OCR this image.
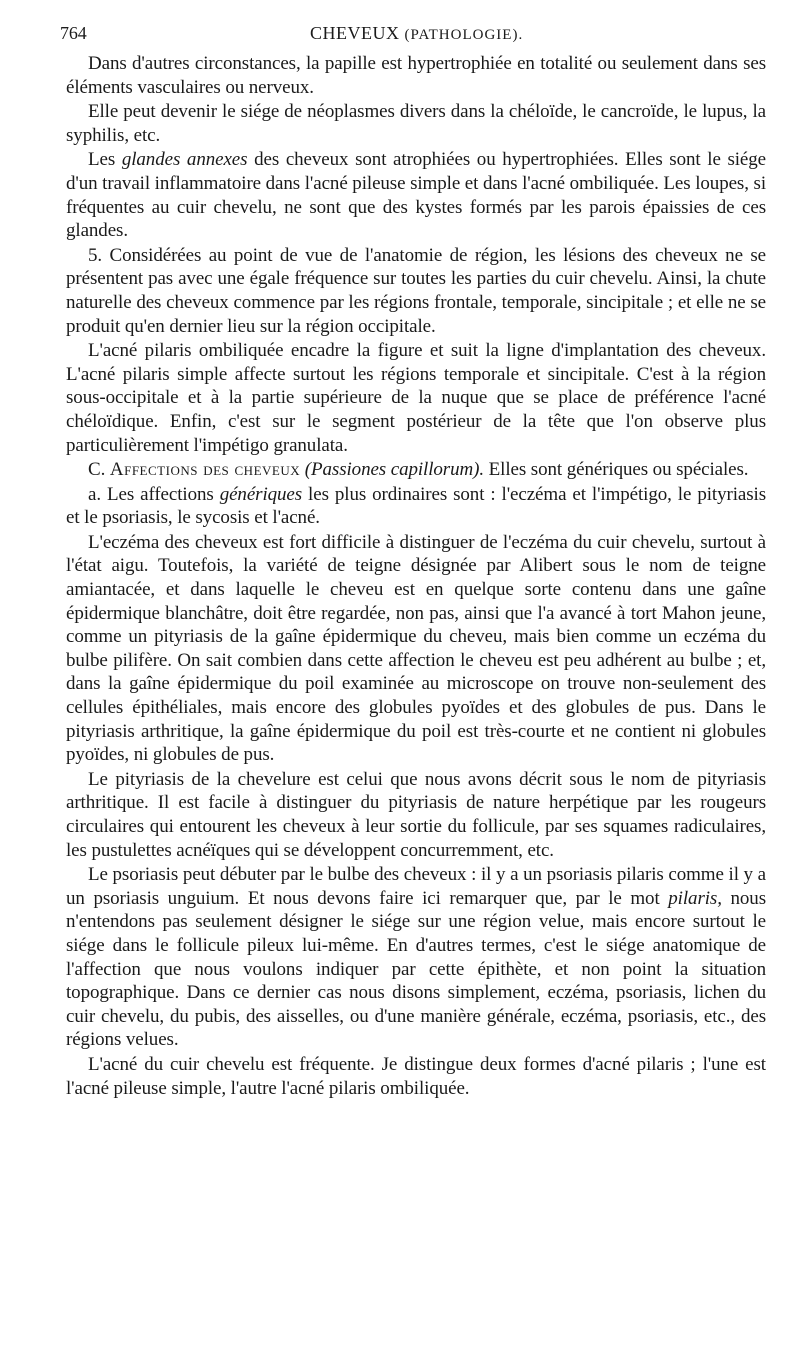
764	CHEVEUX (PATHOLOGIE).

Dans d'autres circonstances, la papille est hypertrophiée en totalité ou seulement dans ses éléments vasculaires ou nerveux.

Elle peut devenir le siége de néoplasmes divers dans la chéloïde, le cancroïde, le lupus, la syphilis, etc.

Les glandes annexes des cheveux sont atrophiées ou hypertrophiées. Elles sont le siége d'un travail inflammatoire dans l'acné pileuse simple et dans l'acné ombiliquée. Les loupes, si fréquentes au cuir chevelu, ne sont que des kystes formés par les parois épaissies de ces glandes.

5. Considérées au point de vue de l'anatomie de région, les lésions des cheveux ne se présentent pas avec une égale fréquence sur toutes les parties du cuir chevelu. Ainsi, la chute naturelle des cheveux commence par les régions frontale, temporale, sincipitale ; et elle ne se produit qu'en dernier lieu sur la région occipitale.

L'acné pilaris ombiliquée encadre la figure et suit la ligne d'implantation des cheveux. L'acné pilaris simple affecte surtout les régions temporale et sincipitale. C'est à la région sous-occipitale et à la partie supérieure de la nuque que se place de préférence l'acné chéloïdique. Enfin, c'est sur le segment postérieur de la tête que l'on observe plus particulièrement l'impétigo granulata.

C. Affections des cheveux (Passiones capillorum). Elles sont génériques ou spéciales.

a. Les affections génériques les plus ordinaires sont : l'eczéma et l'impétigo, le pityriasis et le psoriasis, le sycosis et l'acné.

L'eczéma des cheveux est fort difficile à distinguer de l'eczéma du cuir chevelu, surtout à l'état aigu. Toutefois, la variété de teigne désignée par Alibert sous le nom de teigne amiantacée, et dans laquelle le cheveu est en quelque sorte contenu dans une gaîne épidermique blanchâtre, doit être regardée, non pas, ainsi que l'a avancé à tort Mahon jeune, comme un pityriasis de la gaîne épidermique du cheveu, mais bien comme un eczéma du bulbe pilifère. On sait combien dans cette affection le cheveu est peu adhérent au bulbe ; et, dans la gaîne épidermique du poil examinée au microscope on trouve non-seulement des cellules épithéliales, mais encore des globules pyoïdes et des globules de pus. Dans le pityriasis arthritique, la gaîne épidermique du poil est très-courte et ne contient ni globules pyoïdes, ni globules de pus.

Le pityriasis de la chevelure est celui que nous avons décrit sous le nom de pityriasis arthritique. Il est facile à distinguer du pityriasis de nature herpétique par les rougeurs circulaires qui entourent les cheveux à leur sortie du follicule, par ses squames radiculaires, les pustulettes acnéïques qui se développent concurremment, etc.

Le psoriasis peut débuter par le bulbe des cheveux : il y a un psoriasis pilaris comme il y a un psoriasis unguium. Et nous devons faire ici remarquer que, par le mot pilaris, nous n'entendons pas seulement désigner le siége sur une région velue, mais encore surtout le siége dans le follicule pileux lui-même. En d'autres termes, c'est le siége anatomique de l'affection que nous voulons indiquer par cette épithète, et non point la situation topographique. Dans ce dernier cas nous disons simplement, eczéma, psoriasis, lichen du cuir chevelu, du pubis, des aisselles, ou d'une manière générale, eczéma, psoriasis, etc., des régions velues.

L'acné du cuir chevelu est fréquente. Je distingue deux formes d'acné pilaris ; l'une est l'acné pileuse simple, l'autre l'acné pilaris ombiliquée.
